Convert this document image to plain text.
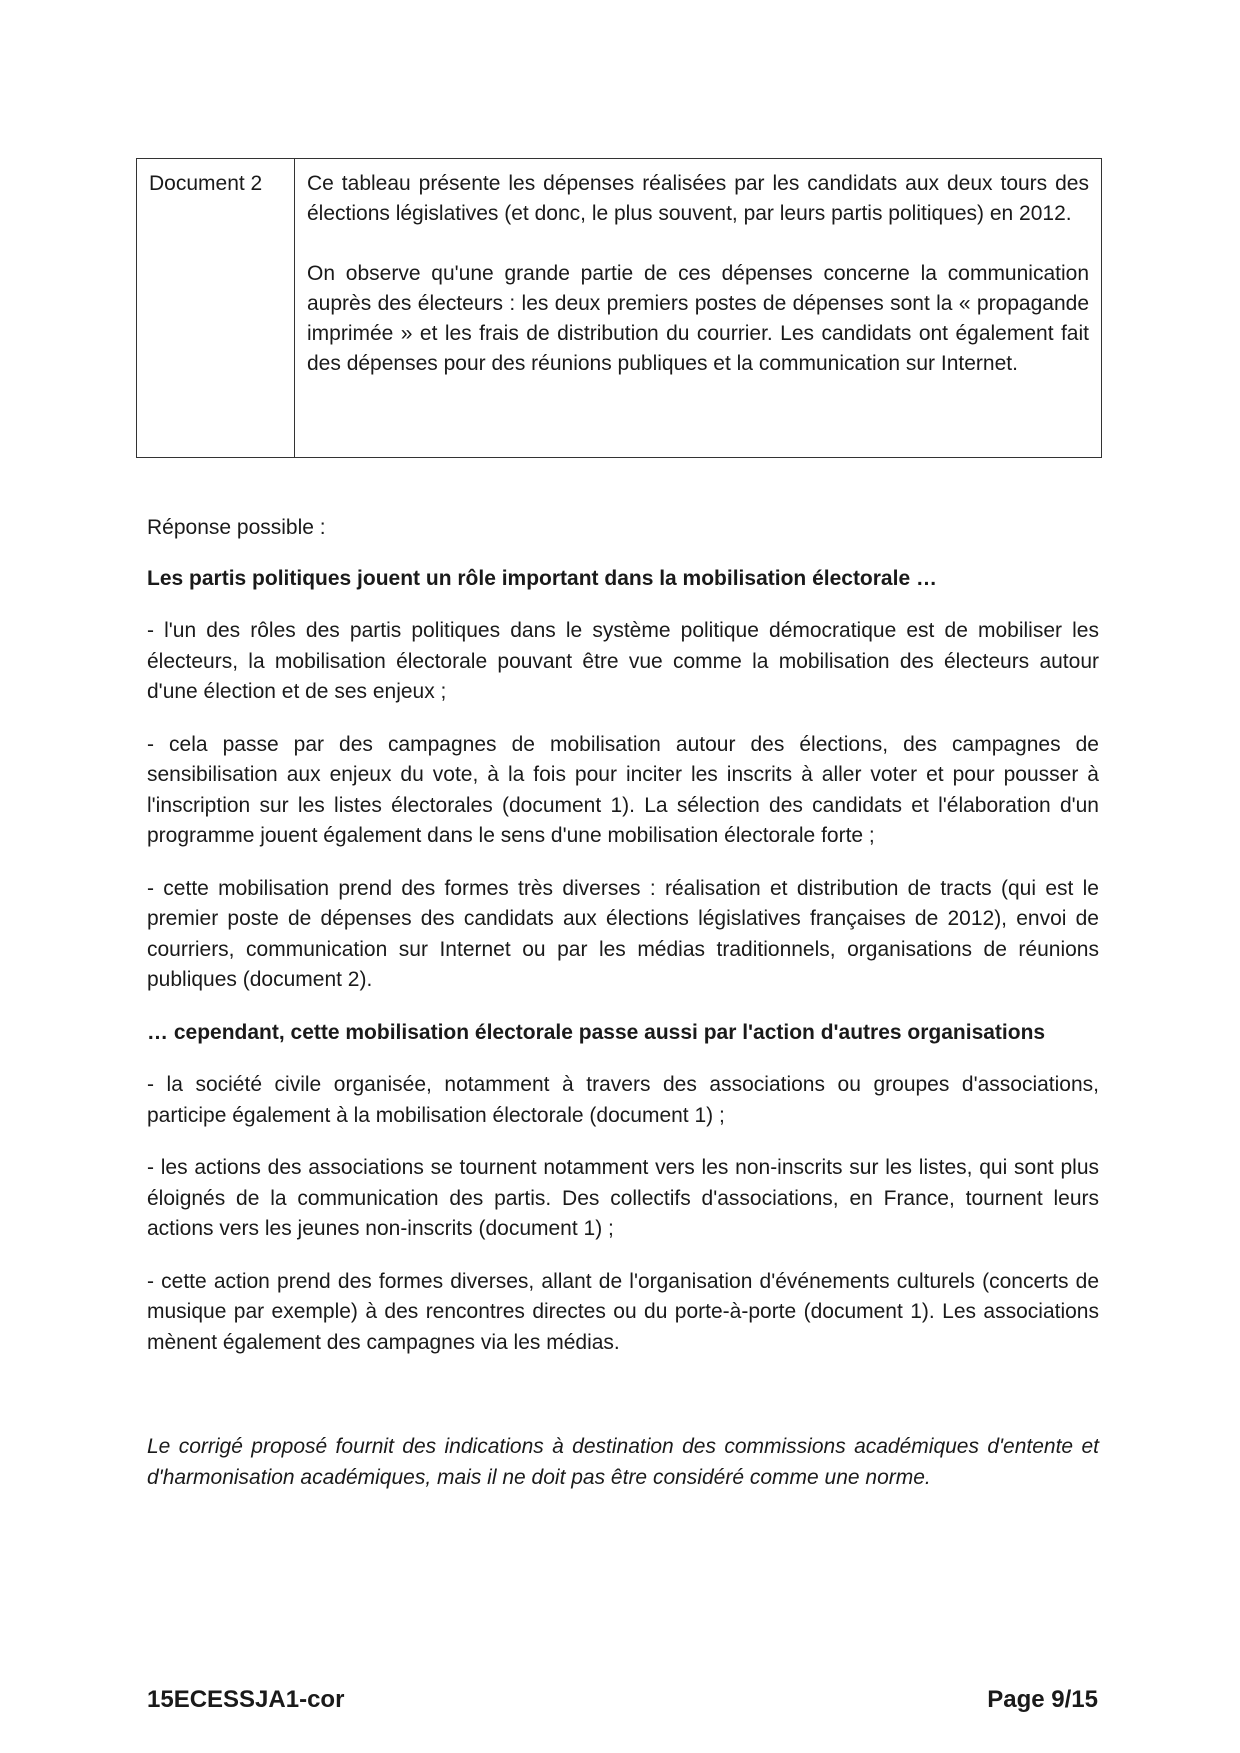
Document 2	Ce tableau présente les dépenses réalisées par les candidats aux deux tours des élections législatives (et donc, le plus souvent, par leurs partis politiques) en 2012.

On observe qu'une grande partie de ces dépenses concerne la communication auprès des électeurs : les deux premiers postes de dépenses sont la « propagande imprimée » et les frais de distribution du courrier. Les candidats ont également fait des dépenses pour des réunions publiques et la communication sur Internet.

Réponse possible :

Les partis politiques jouent un rôle important dans la mobilisation électorale …

- l'un des rôles des partis politiques dans le système politique démocratique est de mobiliser les électeurs, la mobilisation électorale pouvant être vue comme la mobilisation des électeurs autour d'une élection et de ses enjeux ;

- cela passe par des campagnes de mobilisation autour des élections, des campagnes de sensibilisation aux enjeux du vote, à la fois pour inciter les inscrits à aller voter et pour pousser à l'inscription sur les listes électorales (document 1). La sélection des candidats et l'élaboration d'un programme jouent également dans le sens d'une mobilisation électorale forte ;

- cette mobilisation prend des formes très diverses : réalisation et distribution de tracts (qui est le premier poste de dépenses des candidats aux élections législatives françaises de 2012), envoi de courriers, communication sur Internet ou par les médias traditionnels, organisations de réunions publiques (document 2).

… cependant, cette mobilisation électorale passe aussi par l'action d'autres organisations

- la société civile organisée, notamment à travers des associations ou groupes d'associations, participe également à la mobilisation électorale (document 1) ;

- les actions des associations se tournent notamment vers les non-inscrits sur les listes, qui sont plus éloignés de la communication des partis. Des collectifs d'associations, en France, tournent leurs actions vers les jeunes non-inscrits (document 1) ;

- cette action prend des formes diverses, allant de l'organisation d'événements culturels (concerts de musique par exemple) à des rencontres directes ou du porte-à-porte (document 1). Les associations mènent également des campagnes via les médias.

Le corrigé proposé fournit des indications à destination des commissions académiques d'entente et d'harmonisation académiques, mais il ne doit pas être considéré comme une norme.

15ECESSJA1-cor	Page 9/15
